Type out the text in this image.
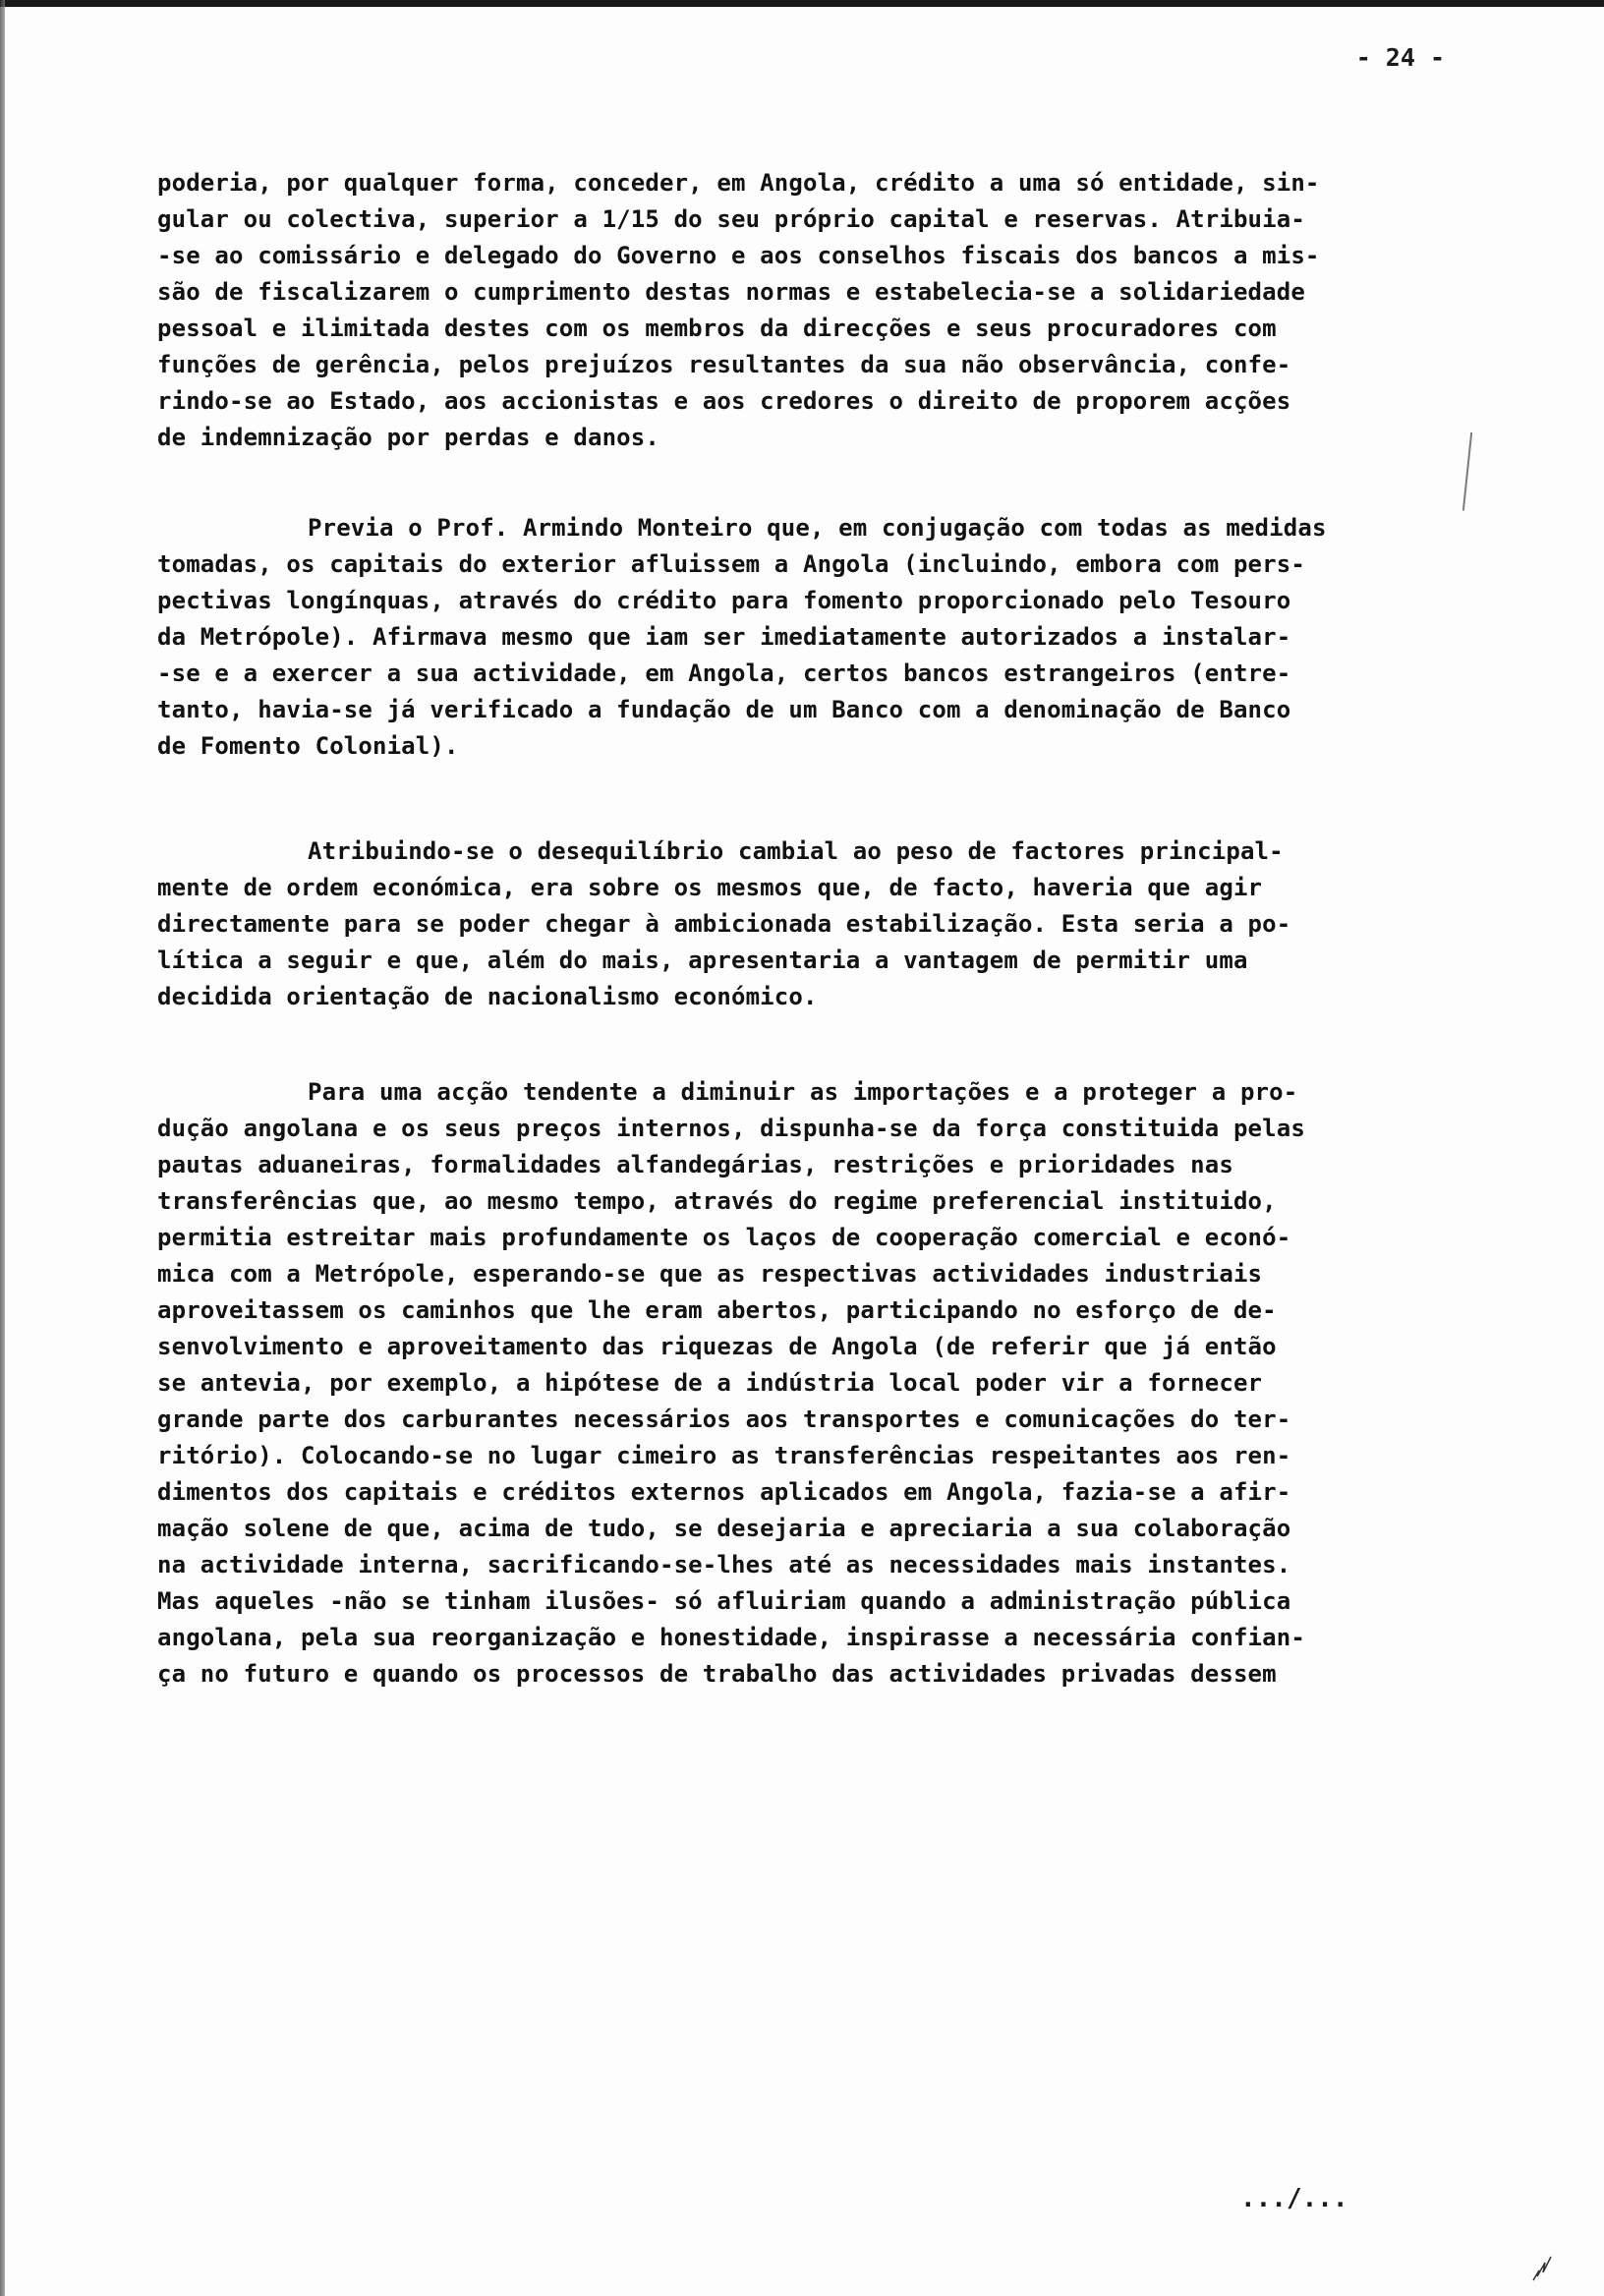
- 24 -
poderia, por qualquer forma, conceder, em Angola, crédito a uma só entidade, sin-
gular ou colectiva, superior a 1/15 do seu próprio capital e reservas. Atribuia-
-se ao comissário e delegado do Governo e aos conselhos fiscais dos bancos a mis-
são de fiscalizarem o cumprimento destas normas e estabelecia-se a solidariedade
pessoal e ilimitada destes com os membros da direcções e seus procuradores com
funções de gerência, pelos prejuízos resultantes da sua não observância, confe-
rindo-se ao Estado, aos accionistas e aos credores o direito de proporem acções
de indemnização por perdas e danos.
Previa o Prof. Armindo Monteiro que, em conjugação com todas as medidas
tomadas, os capitais do exterior afluissem a Angola (incluindo, embora com pers-
pectivas longínquas, através do crédito para fomento proporcionado pelo Tesouro
da Metrópole). Afirmava mesmo que iam ser imediatamente autorizados a instalar-
-se e a exercer a sua actividade, em Angola, certos bancos estrangeiros (entre-
tanto, havia-se já verificado a fundação de um Banco com a denominação de Banco
de Fomento Colonial).
Atribuindo-se o desequilíbrio cambial ao peso de factores principal-
mente de ordem económica, era sobre os mesmos que, de facto, haveria que agir
directamente para se poder chegar à ambicionada estabilização. Esta seria a po-
lítica a seguir e que, além do mais, apresentaria a vantagem de permitir uma
decidida orientação de nacionalismo económico.
Para uma acção tendente a diminuir as importações e a proteger a pro-
dução angolana e os seus preços internos, dispunha-se da força constituida pelas
pautas aduaneiras, formalidades alfandegárias, restrições e prioridades nas
transferências que, ao mesmo tempo, através do regime preferencial instituido,
permitia estreitar mais profundamente os laços de cooperação comercial e econó-
mica com a Metrópole, esperando-se que as respectivas actividades industriais
aproveitassem os caminhos que lhe eram abertos, participando no esforço de de-
senvolvimento e aproveitamento das riquezas de Angola (de referir que já então
se antevia, por exemplo, a hipótese de a indústria local poder vir a fornecer
grande parte dos carburantes necessários aos transportes e comunicações do ter-
ritório). Colocando-se no lugar cimeiro as transferências respeitantes aos ren-
dimentos dos capitais e créditos externos aplicados em Angola, fazia-se a afir-
mação solene de que, acima de tudo, se desejaria e apreciaria a sua colaboração
na actividade interna, sacrificando-se-lhes até as necessidades mais instantes.
Mas aqueles -não se tinham ilusões- só afluiriam quando a administração pública
angolana, pela sua reorganização e honestidade, inspirasse a necessária confian-
ça no futuro e quando os processos de trabalho das actividades privadas dessem
.../...
